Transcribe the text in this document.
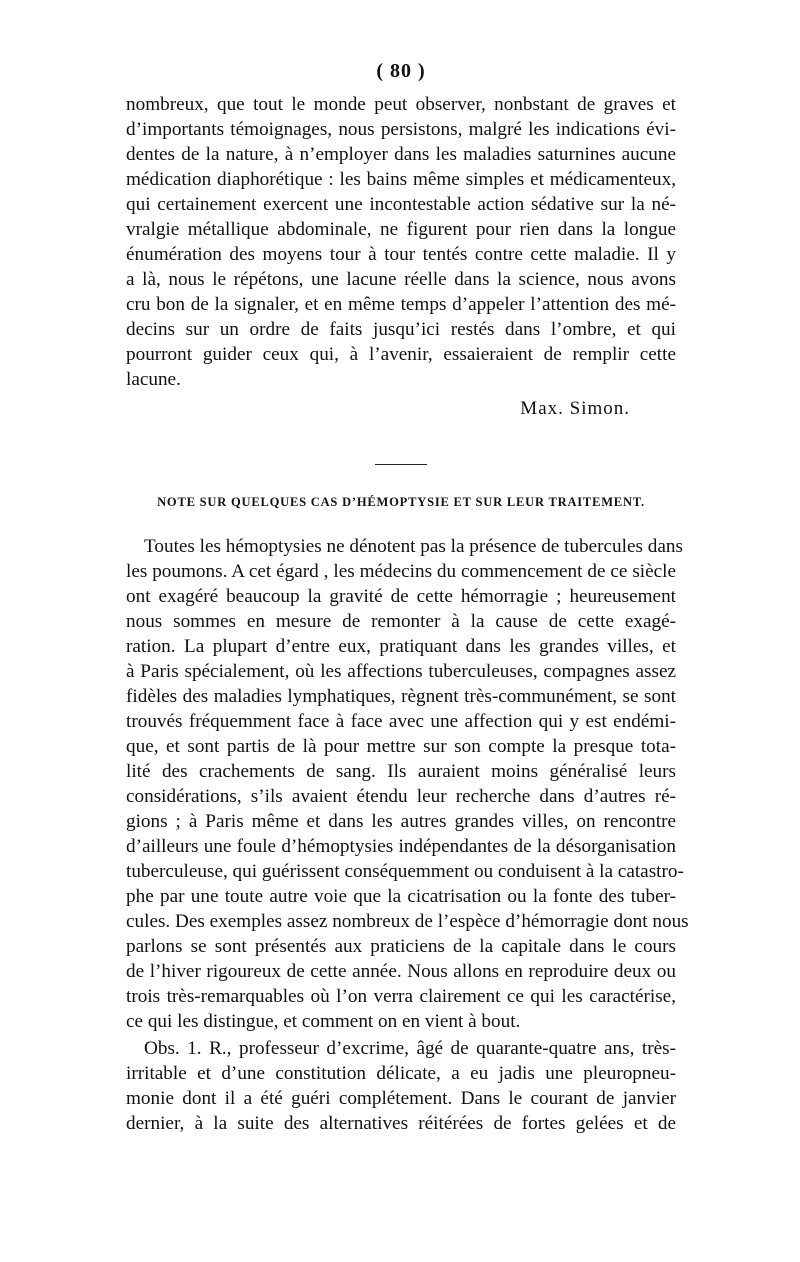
( 80 )
nombreux, que tout le monde peut observer, nonbstant de graves et
d’importants témoignages, nous persistons, malgré les indications évi-
dentes de la nature, à n’employer dans les maladies saturnines aucune
médication diaphorétique : les bains même simples et médicamenteux,
qui certainement exercent une incontestable action sédative sur la né-
vralgie métallique abdominale, ne figurent pour rien dans la longue
énumération des moyens tour à tour tentés contre cette maladie. Il y
a là, nous le répétons, une lacune réelle dans la science, nous avons
cru bon de la signaler, et en même temps d’appeler l’attention des mé-
decins sur un ordre de faits jusqu’ici restés dans l’ombre, et qui
pourront guider ceux qui, à l’avenir, essaieraient de remplir cette
lacune.
Max. Simon.
NOTE SUR QUELQUES CAS D’HÉMOPTYSIE ET SUR LEUR TRAITEMENT.
Toutes les hémoptysies ne dénotent pas la présence de tubercules dans
les poumons. A cet égard , les médecins du commencement de ce siècle
ont exagéré beaucoup la gravité de cette hémorragie ; heureusement
nous sommes en mesure de remonter à la cause de cette exagé-
ration. La plupart d’entre eux, pratiquant dans les grandes villes, et
à Paris spécialement, où les affections tuberculeuses, compagnes assez
fidèles des maladies lymphatiques, règnent très-communément, se sont
trouvés fréquemment face à face avec une affection qui y est endémi-
que, et sont partis de là pour mettre sur son compte la presque tota-
lité des crachements de sang. Ils auraient moins généralisé leurs
considérations, s’ils avaient étendu leur recherche dans d’autres ré-
gions ; à Paris même et dans les autres grandes villes, on rencontre
d’ailleurs une foule d’hémoptysies indépendantes de la désorganisation
tuberculeuse, qui guérissent conséquemment ou conduisent à la catastro-
phe par une toute autre voie que la cicatrisation ou la fonte des tuber-
cules. Des exemples assez nombreux de l’espèce d’hémorragie dont nous
parlons se sont présentés aux praticiens de la capitale dans le cours
de l’hiver rigoureux de cette année. Nous allons en reproduire deux ou
trois très-remarquables où l’on verra clairement ce qui les caractérise,
ce qui les distingue, et comment on en vient à bout.
Obs. 1. R., professeur d’excrime, âgé de quarante-quatre ans, très-
irritable et d’une constitution délicate, a eu jadis une pleuropneu-
monie dont il a été guéri complétement. Dans le courant de janvier
dernier, à la suite des alternatives réitérées de fortes gelées et de
